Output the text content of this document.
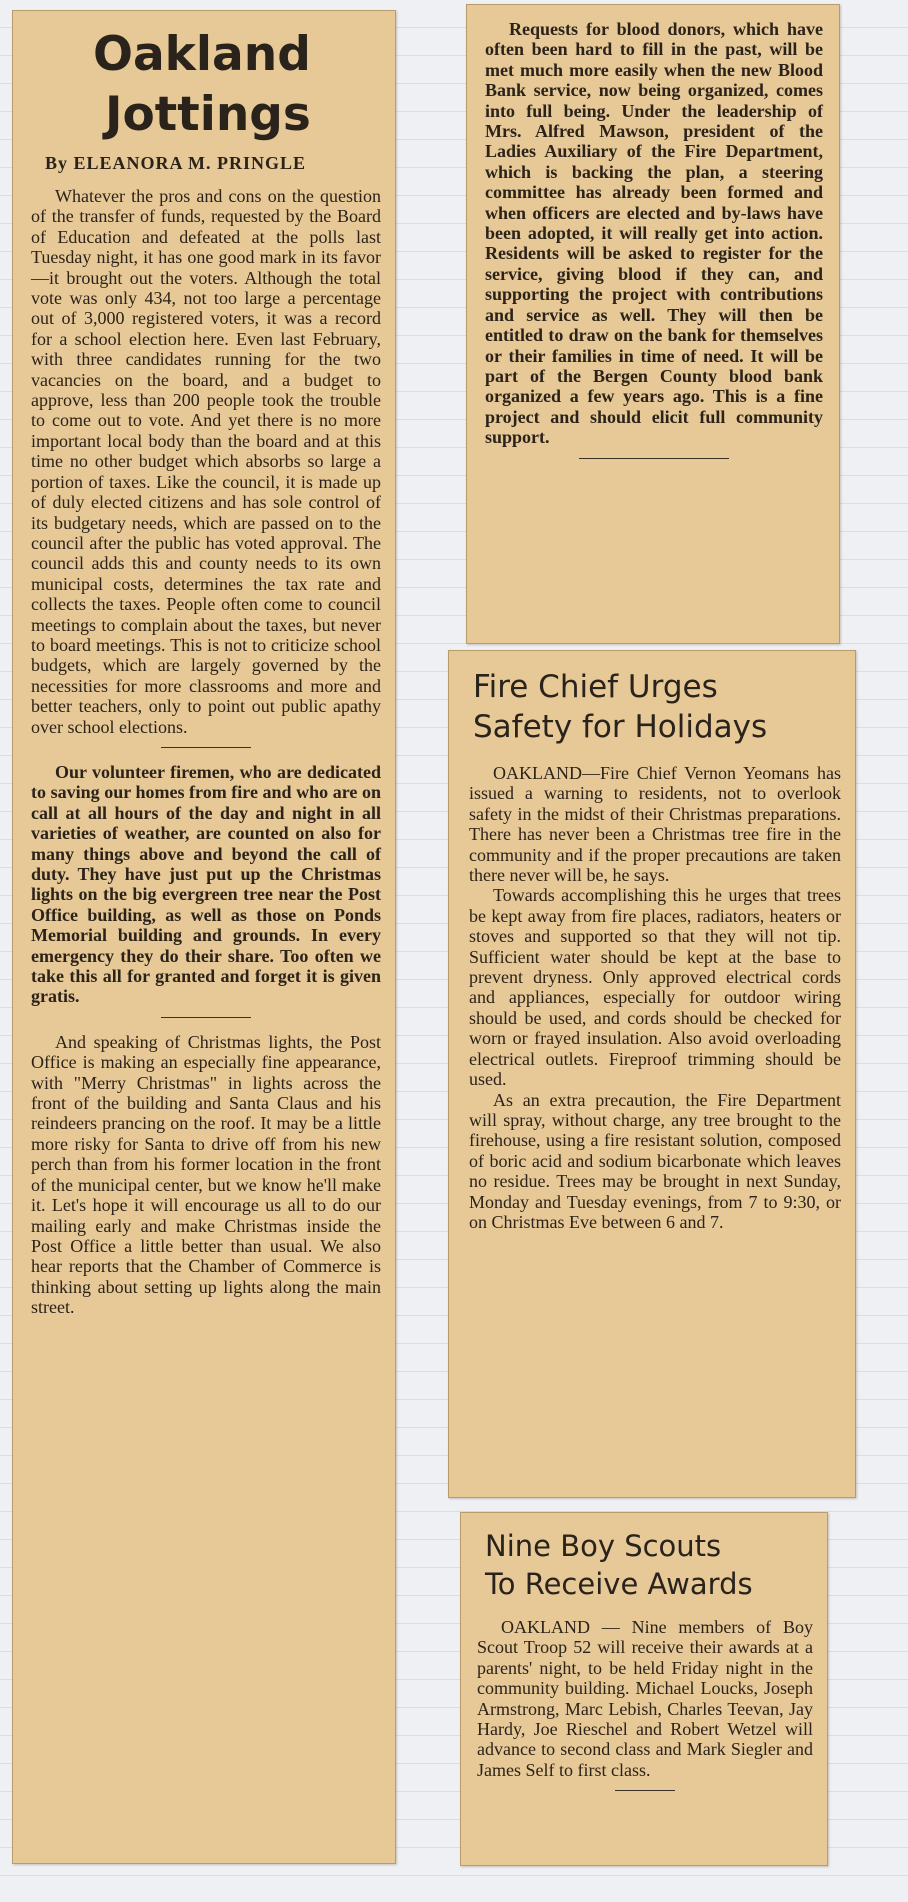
Oakland
Jottings
By ELEANORA M. PRINGLE

Whatever the pros and cons on the question of the transfer of funds, requested by the Board of Education and defeated at the polls last Tuesday night, it has one good mark in its favor—it brought out the voters. Although the total vote was only 434, not too large a percentage out of 3,000 registered voters, it was a record for a school election here. Even last February, with three candidates running for the two vacancies on the board, and a budget to approve, less than 200 people took the trouble to come out to vote. And yet there is no more important local body than the board and at this time no other budget which absorbs so large a portion of taxes. Like the council, it is made up of duly elected citizens and has sole control of its budgetary needs, which are passed on to the council after the public has voted approval. The council adds this and county needs to its own municipal costs, determines the tax rate and collects the taxes. People often come to council meetings to complain about the taxes, but never to board meetings. This is not to criticize school budgets, which are largely governed by the necessities for more classrooms and more and better teachers, only to point out public apathy over school elections.

Our volunteer firemen, who are dedicated to saving our homes from fire and who are on call at all hours of the day and night in all varieties of weather, are counted on also for many things above and beyond the call of duty. They have just put up the Christmas lights on the big evergreen tree near the Post Office building, as well as those on Ponds Memorial building and grounds. In every emergency they do their share. Too often we take this all for granted and forget it is given gratis.

And speaking of Christmas lights, the Post Office is making an especially fine appearance, with "Merry Christmas" in lights across the front of the building and Santa Claus and his reindeers prancing on the roof. It may be a little more risky for Santa to drive off from his new perch than from his former location in the front of the municipal center, but we know he'll make it. Let's hope it will encourage us all to do our mailing early and make Christmas inside the Post Office a little better than usual. We also hear reports that the Chamber of Commerce is thinking about setting up lights along the main street.

Requests for blood donors, which have often been hard to fill in the past, will be met much more easily when the new Blood Bank service, now being organized, comes into full being. Under the leadership of Mrs. Alfred Mawson, president of the Ladies Auxiliary of the Fire Department, which is backing the plan, a steering committee has already been formed and when officers are elected and by-laws have been adopted, it will really get into action. Residents will be asked to register for the service, giving blood if they can, and supporting the project with contributions and service as well. They will then be entitled to draw on the bank for themselves or their families in time of need. It will be part of the Bergen County blood bank organized a few years ago. This is a fine project and should elicit full community support.

Fire Chief Urges
Safety for Holidays

OAKLAND—Fire Chief Vernon Yeomans has issued a warning to residents, not to overlook safety in the midst of their Christmas preparations. There has never been a Christmas tree fire in the community and if the proper precautions are taken there never will be, he says.

Towards accomplishing this he urges that trees be kept away from fire places, radiators, heaters or stoves and supported so that they will not tip. Sufficient water should be kept at the base to prevent dryness. Only approved electrical cords and appliances, especially for outdoor wiring should be used, and cords should be checked for worn or frayed insulation. Also avoid overloading electrical outlets. Fireproof trimming should be used.

As an extra precaution, the Fire Department will spray, without charge, any tree brought to the firehouse, using a fire resistant solution, composed of boric acid and sodium bicarbonate which leaves no residue. Trees may be brought in next Sunday, Monday and Tuesday evenings, from 7 to 9:30, or on Christmas Eve between 6 and 7.

Nine Boy Scouts
To Receive Awards

OAKLAND — Nine members of Boy Scout Troop 52 will receive their awards at a parents' night, to be held Friday night in the community building. Michael Loucks, Joseph Armstrong, Marc Lebish, Charles Teevan, Jay Hardy, Joe Rieschel and Robert Wetzel will advance to second class and Mark Siegler and James Self to first class.
